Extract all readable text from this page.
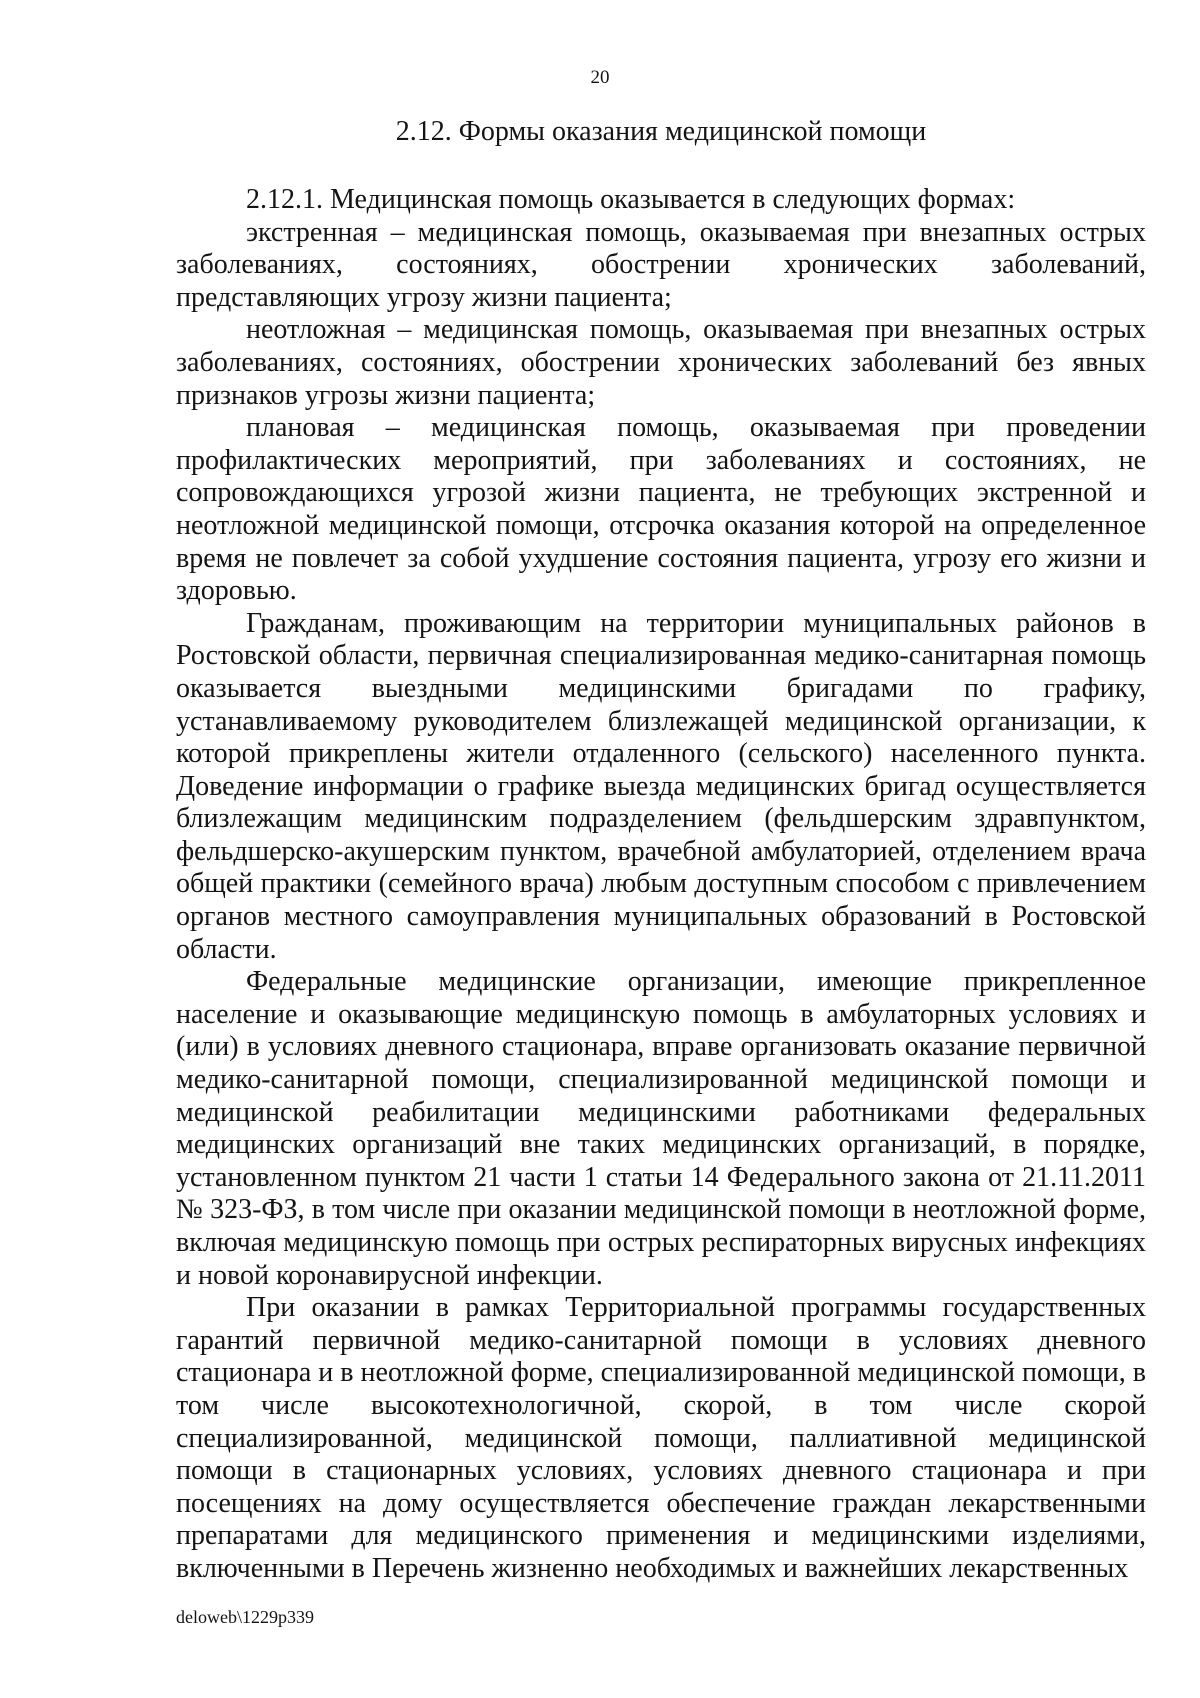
20
2.12. Формы оказания медицинской помощи

2.12.1. Медицинская помощь оказывается в следующих формах:

экстренная – медицинская помощь, оказываемая при внезапных острых заболеваниях, состояниях, обострении хронических заболеваний, представляющих угрозу жизни пациента;

неотложная – медицинская помощь, оказываемая при внезапных острых заболеваниях, состояниях, обострении хронических заболеваний без явных признаков угрозы жизни пациента;

плановая – медицинская помощь, оказываемая при проведении профилактических мероприятий, при заболеваниях и состояниях, не сопровождающихся угрозой жизни пациента, не требующих экстренной и неотложной медицинской помощи, отсрочка оказания которой на определенное время не повлечет за собой ухудшение состояния пациента, угрозу его жизни и здоровью.

Гражданам, проживающим на территории муниципальных районов в Ростовской области, первичная специализированная медико-санитарная помощь оказывается выездными медицинскими бригадами по графику, устанавливаемому руководителем близлежащей медицинской организации, к которой прикреплены жители отдаленного (сельского) населенного пункта. Доведение информации о графике выезда медицинских бригад осуществляется близлежащим медицинским подразделением (фельдшерским здравпунктом, фельдшерско-акушерским пунктом, врачебной амбулаторией, отделением врача общей практики (семейного врача) любым доступным способом с привлечением органов местного самоуправления муниципальных образований в Ростовской области.

Федеральные медицинские организации, имеющие прикрепленное население и оказывающие медицинскую помощь в амбулаторных условиях и (или) в условиях дневного стационара, вправе организовать оказание первичной медико-санитарной помощи, специализированной медицинской помощи и медицинской реабилитации медицинскими работниками федеральных медицинских организаций вне таких медицинских организаций, в порядке, установленном пунктом 21 части 1 статьи 14 Федерального закона от 21.11.2011 № 323-ФЗ, в том числе при оказании медицинской помощи в неотложной форме, включая медицинскую помощь при острых респираторных вирусных инфекциях и новой коронавирусной инфекции.

При оказании в рамках Территориальной программы государственных гарантий первичной медико-санитарной помощи в условиях дневного стационара и в неотложной форме, специализированной медицинской помощи, в том числе высокотехнологичной, скорой, в том числе скорой специализированной, медицинской помощи, паллиативной медицинской помощи в стационарных условиях, условиях дневного стационара и при посещениях на дому осуществляется обеспечение граждан лекарственными препаратами для медицинского применения и медицинскими изделиями, включенными в Перечень жизненно необходимых и важнейших лекарственных

deloweb\1229p339
